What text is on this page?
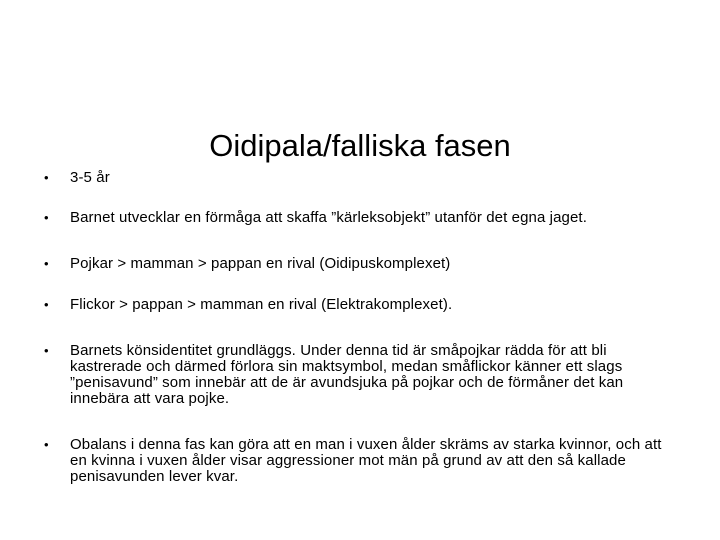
Oidipala/falliska fasen
•	3-5 år
•	Barnet utvecklar en förmåga att skaffa ”kärleksobjekt” utanför det egna jaget.
•	Pojkar > mamman > pappan en rival (Oidipuskomplexet)
•	Flickor > pappan > mamman en rival (Elektrakomplexet).
•	Barnets könsidentitet grundläggs. Under denna tid är småpojkar rädda för att bli kastrerade och därmed förlora sin maktsymbol, medan småflickor känner ett slags ”penisavund” som innebär att de är avundsjuka på pojkar och de förmåner det kan innebära att vara pojke.
•	Obalans i denna fas kan göra att en man i vuxen ålder skräms av starka kvinnor, och att en kvinna i vuxen ålder visar aggressioner mot män på grund av att den så kallade penisavunden lever kvar.
